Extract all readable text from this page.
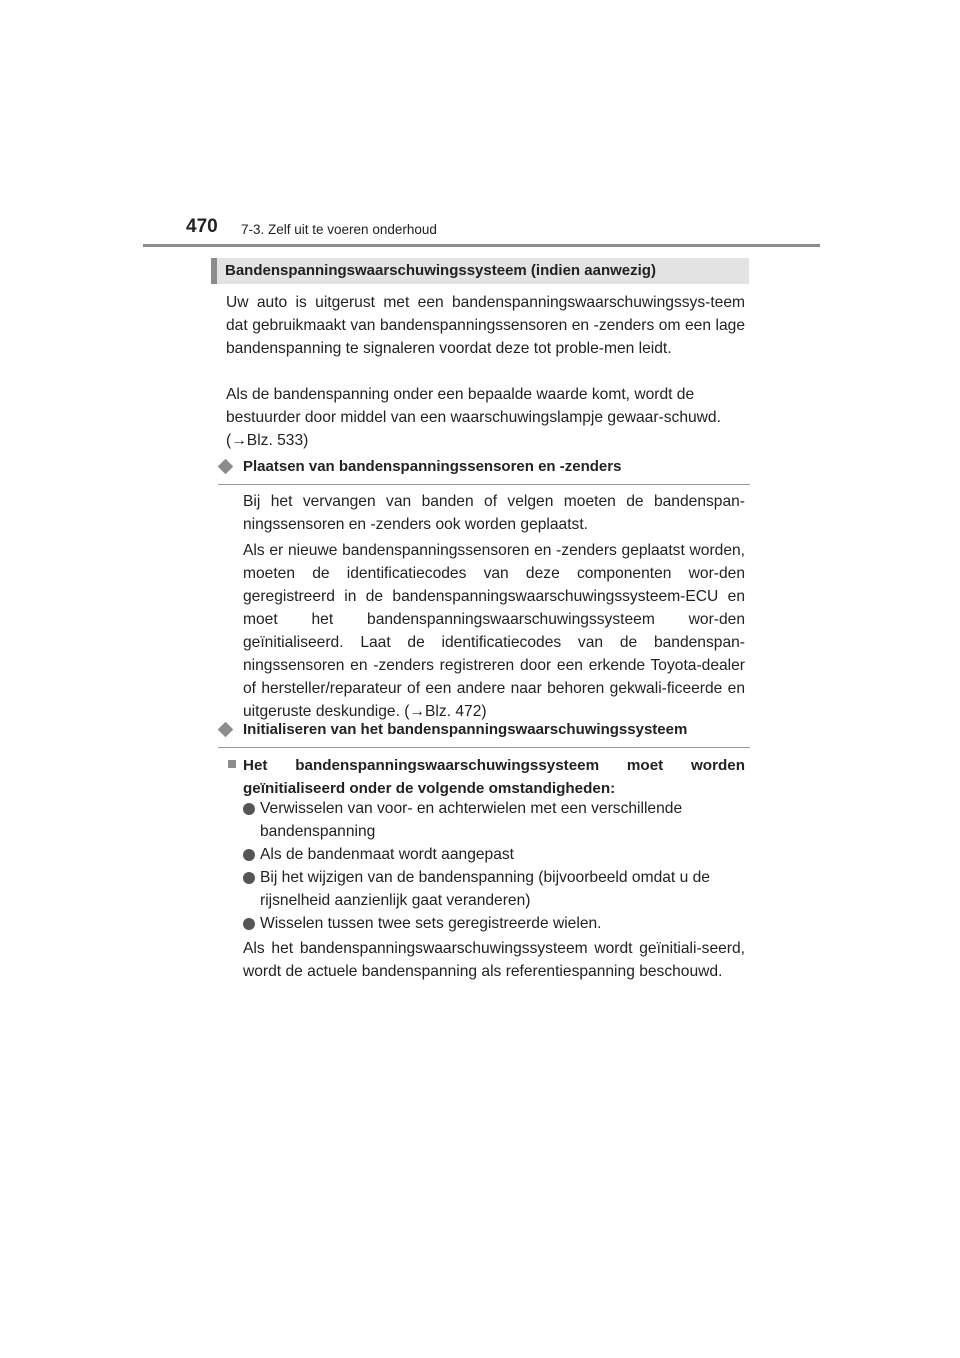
470 7-3. Zelf uit te voeren onderhoud
Bandenspanningswaarschuwingssysteem (indien aanwezig)

Uw auto is uitgerust met een bandenspanningswaarschuwingssys-teem dat gebruikmaakt van bandenspanningssensoren en -zenders om een lage bandenspanning te signaleren voordat deze tot proble-men leidt.

Als de bandenspanning onder een bepaalde waarde komt, wordt de bestuurder door middel van een waarschuwingslampje gewaar-schuwd. (→Blz. 533)

Plaatsen van bandenspanningssensoren en -zenders

Bij het vervangen van banden of velgen moeten de bandenspan-ningssensoren en -zenders ook worden geplaatst.

Als er nieuwe bandenspanningssensoren en -zenders geplaatst worden, moeten de identificatiecodes van deze componenten wor-den geregistreerd in de bandenspanningswaarschuwingssysteem-ECU en moet het bandenspanningswaarschuwingssysteem wor-den geïnitialiseerd. Laat de identificatiecodes van de bandenspan-ningssensoren en -zenders registreren door een erkende Toyota-dealer of hersteller/reparateur of een andere naar behoren gekwali-ficeerde en uitgeruste deskundige. (→Blz. 472)

Initialiseren van het bandenspanningswaarschuwingssysteem

Het bandenspanningswaarschuwingssysteem moet worden geïnitialiseerd onder de volgende omstandigheden:

Verwisselen van voor- en achterwielen met een verschillende bandenspanning

Als de bandenmaat wordt aangepast

Bij het wijzigen van de bandenspanning (bijvoorbeeld omdat u de rijsnelheid aanzienlijk gaat veranderen)

Wisselen tussen twee sets geregistreerde wielen.

Als het bandenspanningswaarschuwingssysteem wordt geïnitiali-seerd, wordt de actuele bandenspanning als referentiespanning beschouwd.
